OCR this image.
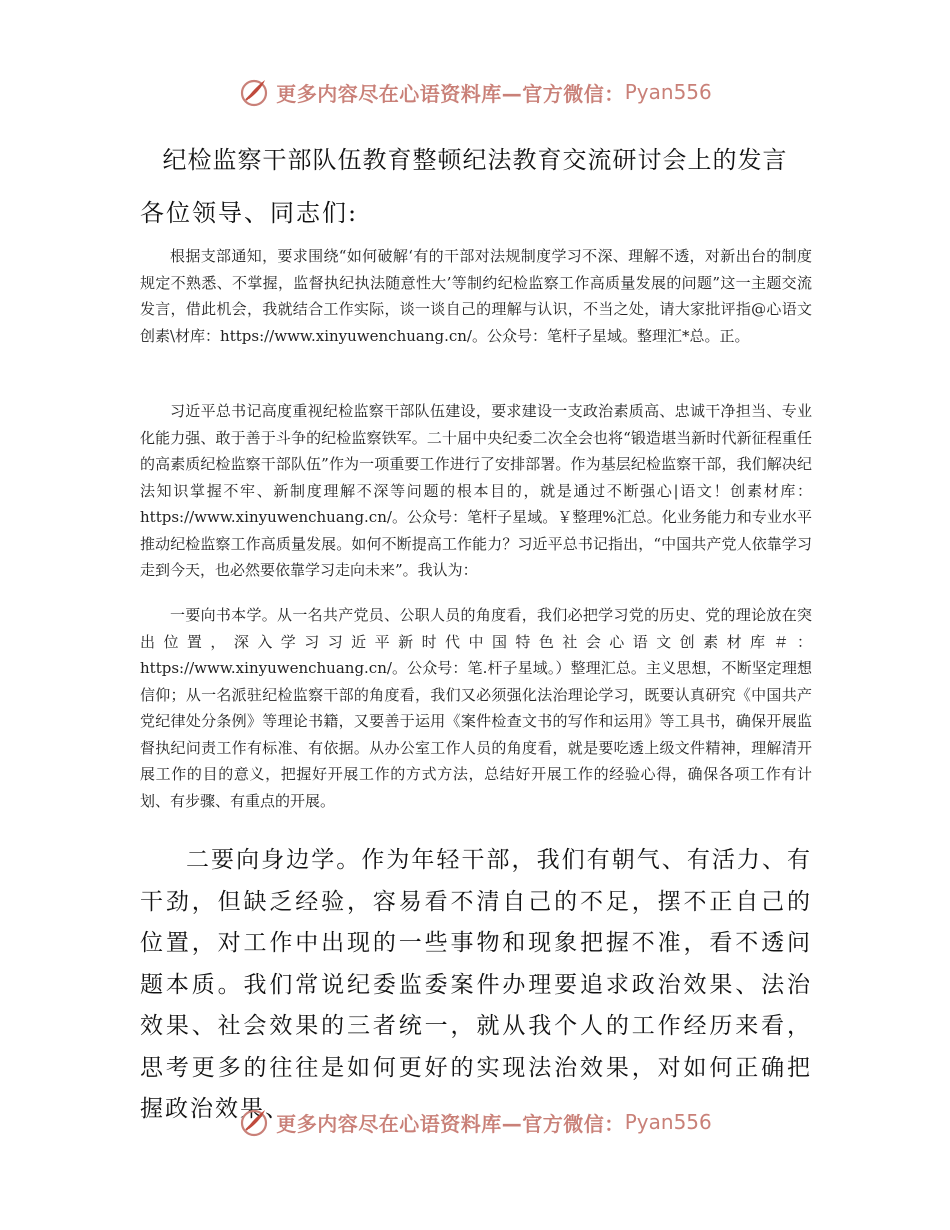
更多内容尽在心语资料库—官方微信： Pyan556
纪检监察干部队伍教育整顿纪法教育交流研讨会上的发言
各位领导、同志们:

根据支部通知，要求围绕“如何破解‘有的干部对法规制度学习不深、理解不透，对新出台的制度规定不熟悉、不掌握，监督执纪执法随意性大’等制约纪检监察工作高质量发展的问题”这一主题交流发言，借此机会，我就结合工作实际，谈一谈自己的理解与认识，不当之处，请大家批评指@心语文创素\材库：https://www.xinyuwenchuang.cn/。公众号：笔杆子星域。整理汇*总。正。

习近平总书记高度重视纪检监察干部队伍建设，要求建设一支政治素质高、忠诚干净担当、专业化能力强、敢于善于斗争的纪检监察铁军。二十届中央纪委二次全会也将“锻造堪当新时代新征程重任的高素质纪检监察干部队伍”作为一项重要工作进行了安排部署。作为基层纪检监察干部，我们解决纪法知识掌握不牢、新制度理解不深等问题的根本目的，就是通过不断强心|语文！创素材库：https://www.xinyuwenchuang.cn/。公众号：笔杆子星域。￥整理%汇总。化业务能力和专业水平推动纪检监察工作高质量发展。如何不断提高工作能力？习近平总书记指出，“中国共产党人依靠学习走到今天，也必然要依靠学习走向未来”。我认为：

一要向书本学。从一名共产党员、公职人员的角度看，我们必把学习党的历史、党的理论放在突出位置，深入学习习近平新时代中国特色社会心语文创素材库＃：https://www.xinyuwenchuang.cn/。公众号：笔.杆子星域。）整理汇总。主义思想，不断坚定理想信仰；从一名派驻纪检监察干部的角度看，我们又必须强化法治理论学习，既要认真研究《中国共产党纪律处分条例》等理论书籍，又要善于运用《案件检查文书的写作和运用》等工具书，确保开展监督执纪问责工作有标准、有依据。从办公室工作人员的角度看，就是要吃透上级文件精神，理解清开展工作的目的意义，把握好开展工作的方式方法，总结好开展工作的经验心得，确保各项工作有计划、有步骤、有重点的开展。

二要向身边学。作为年轻干部，我们有朝气、有活力、有干劲，但缺乏经验，容易看不清自己的不足，摆不正自己的位置，对工作中出现的一些事物和现象把握不准，看不透问题本质。我们常说纪委监委案件办理要追求政治效果、法治效果、社会效果的三者统一，就从我个人的工作经历来看，思考更多的往往是如何更好的实现法治效果，对如何正确把握政治效果、

更多内容尽在心语资料库—官方微信： Pyan556
